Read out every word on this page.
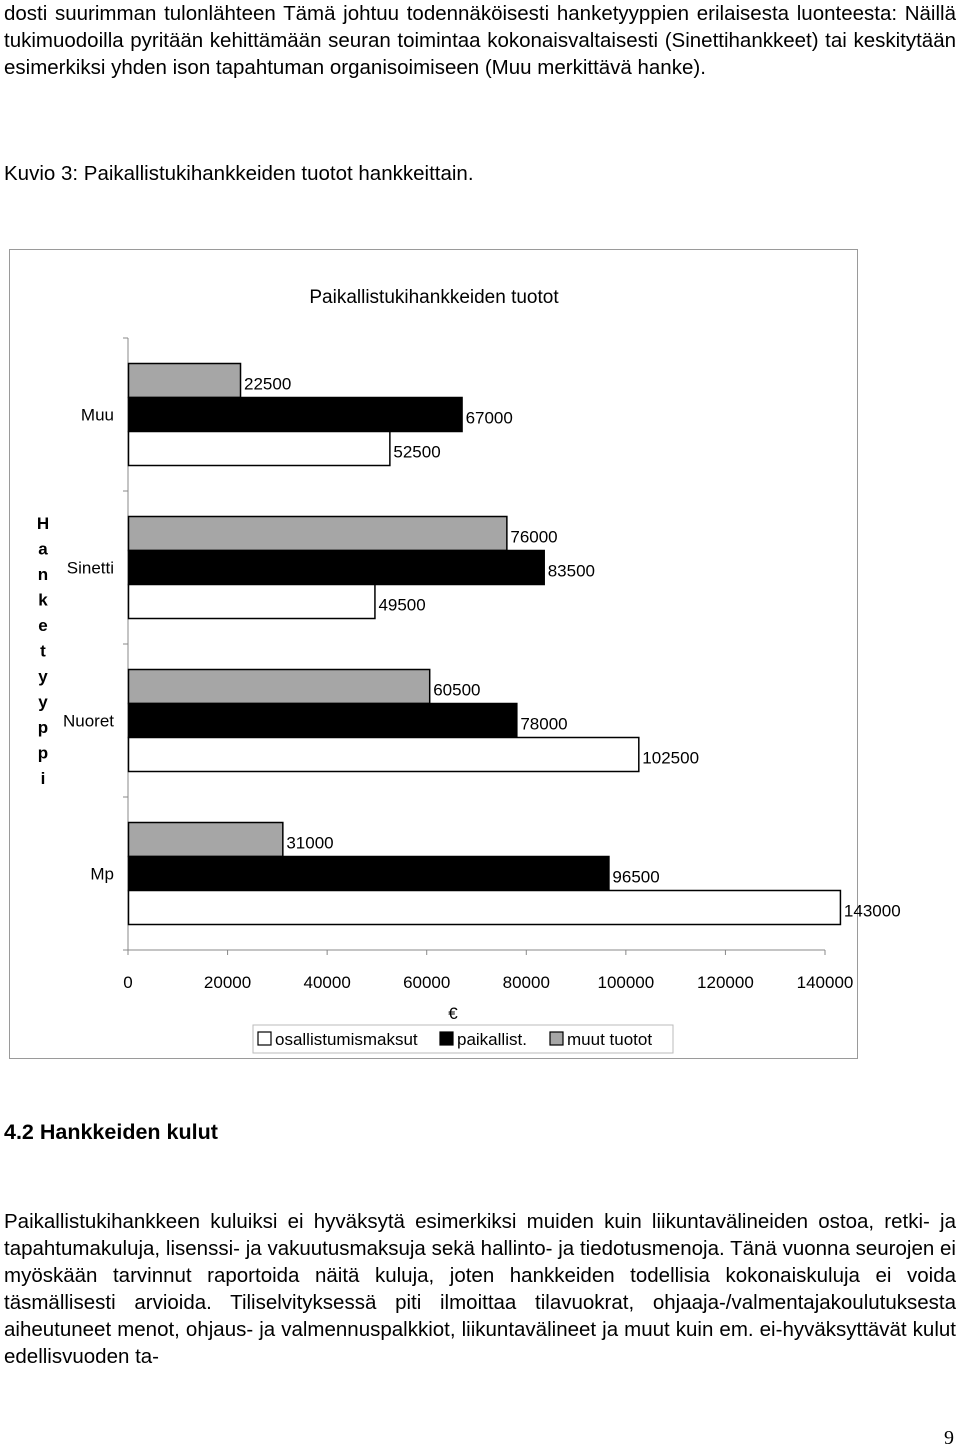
dosti suurimman tulonlähteen Tämä johtuu todennäköisesti hanketyyppien erilaisesta luonteesta: Näillä tukimuodoilla pyritään kehittämään seuran toimintaa kokonaisvaltaisesti (Sinettihankkeet) tai keskitytään esimerkiksi yhden ison tapahtuman organisoimiseen (Muu merkittävä hanke).

Kuvio 3: Paikallistukihankkeiden tuotot hankkeittain.

Paikallistukihankkeiden tuotot
22500
67000
52500
Muu
76000
83500
49500
Sinetti
60500
78000
102500
Nuoret
31000
96500
143000
Mp
H
a
n
k
e
t
y
y
p
p
i
0	20000	40000	60000	80000	100000	120000	140000
€
osallistumismaksut paikallist. muut tuotot
4.2 Hankkeiden kulut

Paikallistukihankkeen kuluiksi ei hyväksytä esimerkiksi muiden kuin liikuntavälineiden ostoa, retki- ja tapahtumakuluja, lisenssi- ja vakuutusmaksuja sekä hallinto- ja tiedotusmenoja. Tänä vuonna seurojen ei myöskään tarvinnut raportoida näitä kuluja, joten hankkeiden todellisia kokonaiskuluja ei voida täsmällisesti arvioida. Tiliselvityksessä piti ilmoittaa tilavuokrat, ohjaaja-/valmentajakoulutuksesta aiheutuneet menot, ohjaus- ja valmennuspalkkiot, liikuntavälineet ja muut kuin em. ei-hyväksyttävät kulut edellisvuoden ta-

9
